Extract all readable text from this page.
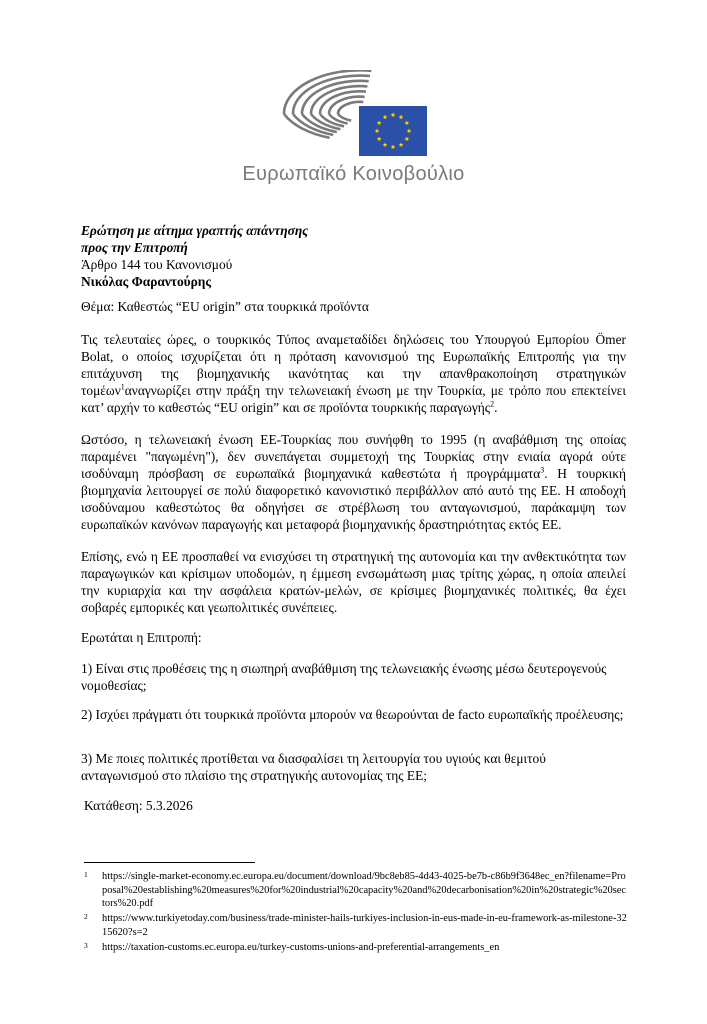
Ευρωπαϊκό Κοινοβούλιο
Ερώτηση με αίτημα γραπτής απάντησης
προς την Επιτροπή
Άρθρο 144 του Κανονισμού
Νικόλας Φαραντούρης
Θέμα: Καθεστώς “EU origin” στα τουρκικά προϊόντα
Τις τελευταίες ώρες, ο τουρκικός Τύπος αναμεταδίδει δηλώσεις του Υπουργού Εμπορίου Ömer Bolat, ο οποίος ισχυρίζεται ότι η πρόταση κανονισμού της Ευρωπαϊκής Επιτροπής για την επιτάχυνση της βιομηχανικής ικανότητας και την απανθρακοποίηση στρατηγικών τομέων$^1$αναγνωρίζει στην πράξη την τελωνειακή ένωση με την Τουρκία, με τρόπο που επεκτείνει κατ’ αρχήν το καθεστώς “EU origin” και σε προϊόντα τουρκικής παραγωγής$^2$.
Ωστόσο, η τελωνειακή ένωση ΕΕ-Τουρκίας που συνήφθη το 1995 (η αναβάθμιση της οποίας παραμένει "παγωμένη"), δεν συνεπάγεται συμμετοχή της Τουρκίας στην ενιαία αγορά ούτε ισοδύναμη πρόσβαση σε ευρωπαϊκά βιομηχανικά καθεστώτα ή προγράμματα$^3$. Η τουρκική βιομηχανία λειτουργεί σε πολύ διαφορετικό κανονιστικό περιβάλλον από αυτό της ΕΕ. Η αποδοχή ισοδύναμου καθεστώτος θα οδηγήσει σε στρέβλωση του ανταγωνισμού, παράκαμψη των ευρωπαϊκών κανόνων παραγωγής και μεταφορά βιομηχανικής δραστηριότητας εκτός ΕΕ.
Επίσης, ενώ η ΕΕ προσπαθεί να ενισχύσει τη στρατηγική της αυτονομία και την ανθεκτικότητα των παραγωγικών και κρίσιμων υποδομών, η έμμεση ενσωμάτωση μιας τρίτης χώρας, η οποία απειλεί την κυριαρχία και την ασφάλεια κρατών-μελών, σε κρίσιμες βιομηχανικές πολιτικές, θα έχει σοβαρές εμπορικές και γεωπολιτικές συνέπειες.
Ερωτάται η Επιτροπή:
1) Είναι στις προθέσεις της η σιωπηρή αναβάθμιση της τελωνειακής ένωσης μέσω δευτερογενούς νομοθεσίας;
2) Ισχύει πράγματι ότι τουρκικά προϊόντα μπορούν να θεωρούνται de facto ευρωπαϊκής προέλευσης;
3) Με ποιες πολιτικές προτίθεται να διασφαλίσει τη λειτουργία του υγιούς και θεμιτού ανταγωνισμού στο πλαίσιο της στρατηγικής αυτονομίας της ΕΕ;
Κατάθεση: 5.3.2026
1 https://single-market-economy.ec.europa.eu/document/download/9bc8eb85-4d43-4025-be7b-c86b9f3648ec_en?filename=Proposal%20establishing%20measures%20for%20industrial%20capacity%20and%20decarbonisation%20in%20strategic%20sectors%20.pdf
2 https://www.turkiyetoday.com/business/trade-minister-hails-turkiyes-inclusion-in-eus-made-in-eu-framework-as-milestone-3215620?s=2
3 https://taxation-customs.ec.europa.eu/turkey-customs-unions-and-preferential-arrangements_en
